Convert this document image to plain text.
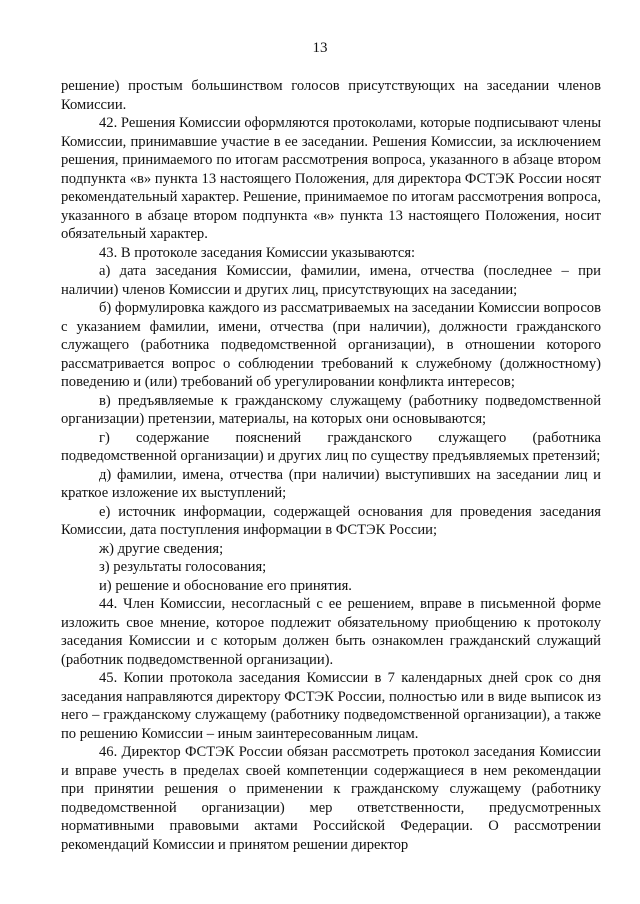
13

решение) простым большинством голосов присутствующих на заседании членов Комиссии.

42. Решения Комиссии оформляются протоколами, которые подписывают члены Комиссии, принимавшие участие в ее заседании. Решения Комиссии, за исключением решения, принимаемого по итогам рассмотрения вопроса, указанного в абзаце втором подпункта «в» пункта 13 настоящего Положения, для директора ФСТЭК России носят рекомендательный характер. Решение, принимаемое по итогам рассмотрения вопроса, указанного в абзаце втором подпункта «в» пункта 13 настоящего Положения, носит обязательный характер.

43. В протоколе заседания Комиссии указываются:

а) дата заседания Комиссии, фамилии, имена, отчества (последнее – при наличии) членов Комиссии и других лиц, присутствующих на заседании;

б) формулировка каждого из рассматриваемых на заседании Комиссии вопросов с указанием фамилии, имени, отчества (при наличии), должности гражданского служащего (работника подведомственной организации), в отношении которого рассматривается вопрос о соблюдении требований к служебному (должностному) поведению и (или) требований об урегулировании конфликта интересов;

в) предъявляемые к гражданскому служащему (работнику подведомственной организации) претензии, материалы, на которых они основываются;

г) содержание пояснений гражданского служащего (работника подведомственной организации) и других лиц по существу предъявляемых претензий;

д) фамилии, имена, отчества (при наличии) выступивших на заседании лиц и краткое изложение их выступлений;

е) источник информации, содержащей основания для проведения заседания Комиссии, дата поступления информации в ФСТЭК России;

ж) другие сведения;

з) результаты голосования;

и) решение и обоснование его принятия.

44. Член Комиссии, несогласный с ее решением, вправе в письменной форме изложить свое мнение, которое подлежит обязательному приобщению к протоколу заседания Комиссии и с которым должен быть ознакомлен гражданский служащий (работник подведомственной организации).

45. Копии протокола заседания Комиссии в 7 календарных дней срок со дня заседания направляются директору ФСТЭК России, полностью или в виде выписок из него – гражданскому служащему (работнику подведомственной организации), а также по решению Комиссии – иным заинтересованным лицам.

46. Директор ФСТЭК России обязан рассмотреть протокол заседания Комиссии и вправе учесть в пределах своей компетенции содержащиеся в нем рекомендации при принятии решения о применении к гражданскому служащему (работнику подведомственной организации) мер ответственности, предусмотренных нормативными правовыми актами Российской Федерации. О рассмотрении рекомендаций Комиссии и принятом решении директор
